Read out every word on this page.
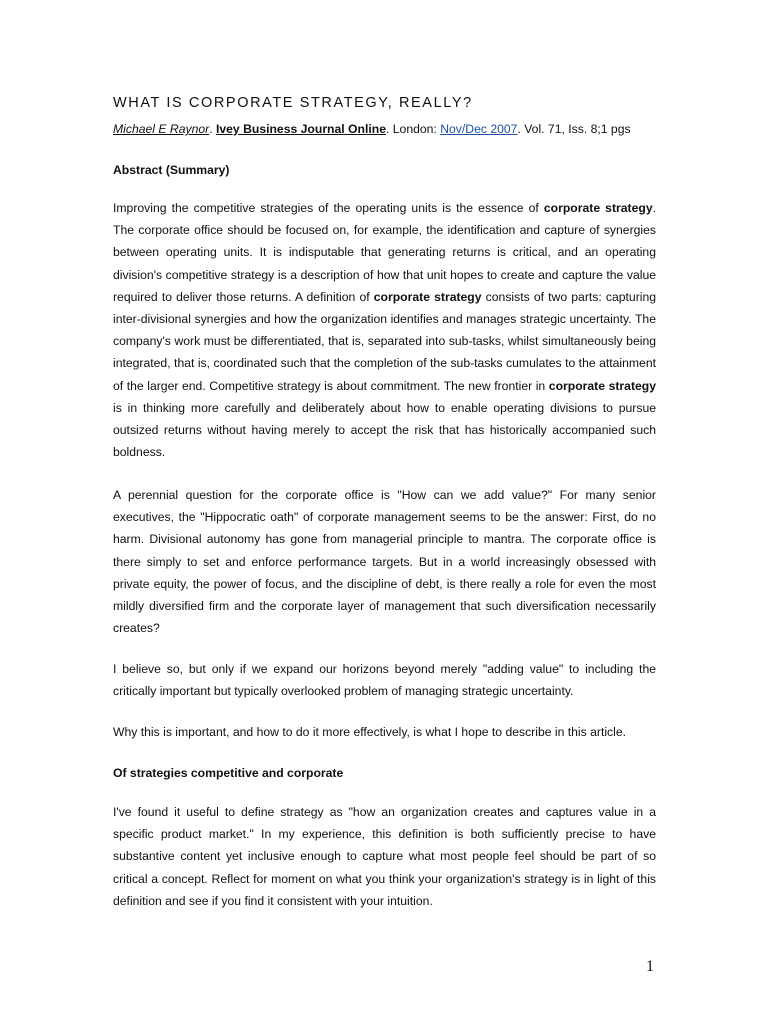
WHAT IS CORPORATE STRATEGY, REALLY?
Michael E Raynor. Ivey Business Journal Online. London: Nov/Dec 2007. Vol. 71, Iss. 8;1 pgs
Abstract (Summary)
Improving the competitive strategies of the operating units is the essence of corporate strategy. The corporate office should be focused on, for example, the identification and capture of synergies between operating units. It is indisputable that generating returns is critical, and an operating division's competitive strategy is a description of how that unit hopes to create and capture the value required to deliver those returns. A definition of corporate strategy consists of two parts: capturing inter-divisional synergies and how the organization identifies and manages strategic uncertainty. The company's work must be differentiated, that is, separated into sub-tasks, whilst simultaneously being integrated, that is, coordinated such that the completion of the sub-tasks cumulates to the attainment of the larger end. Competitive strategy is about commitment. The new frontier in corporate strategy is in thinking more carefully and deliberately about how to enable operating divisions to pursue outsized returns without having merely to accept the risk that has historically accompanied such boldness.
A perennial question for the corporate office is "How can we add value?" For many senior executives, the "Hippocratic oath" of corporate management seems to be the answer: First, do no harm. Divisional autonomy has gone from managerial principle to mantra. The corporate office is there simply to set and enforce performance targets. But in a world increasingly obsessed with private equity, the power of focus, and the discipline of debt, is there really a role for even the most mildly diversified firm and the corporate layer of management that such diversification necessarily creates?
I believe so, but only if we expand our horizons beyond merely "adding value" to including the critically important but typically overlooked problem of managing strategic uncertainty.
Why this is important, and how to do it more effectively, is what I hope to describe in this article.
Of strategies competitive and corporate
I've found it useful to define strategy as "how an organization creates and captures value in a specific product market." In my experience, this definition is both sufficiently precise to have substantive content yet inclusive enough to capture what most people feel should be part of so critical a concept. Reflect for moment on what you think your organization's strategy is in light of this definition and see if you find it consistent with your intuition.
1
